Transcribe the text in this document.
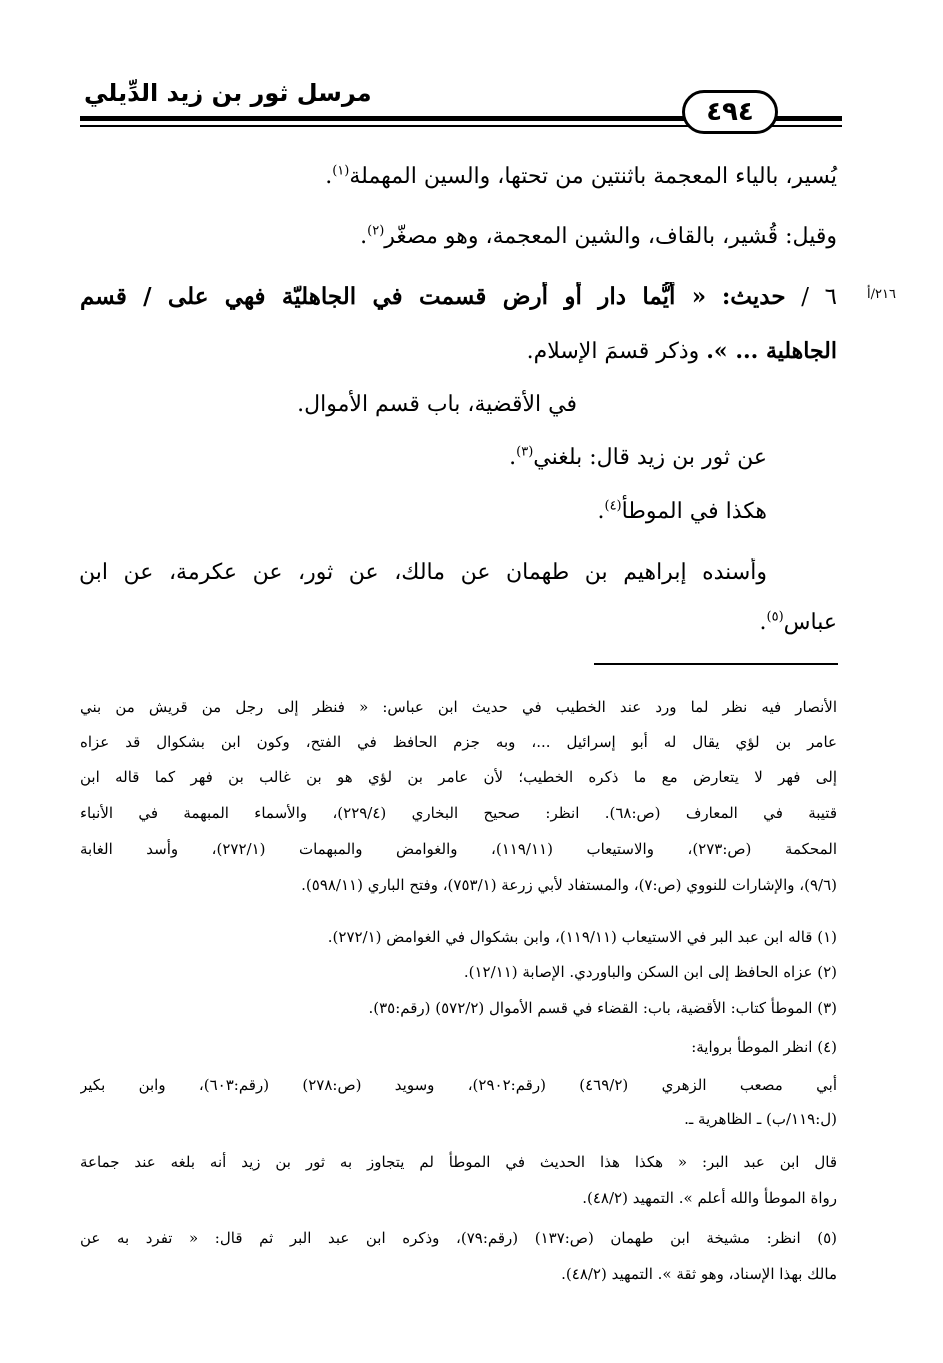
مرسل ثور بن زيد الدِّيلي
٤٩٤
يُسير، بالياء المعجمة باثنتين من تحتها، والسين المهملة$^{(١)}$.
وقيل: قُشير، بالقاف، والشين المعجمة، وهو مصغّر$^{(٢)}$.
٢١٦/أ
٦ / حديث: « أيُّما دار أو أرض قسمت في الجاهليّة فهي على / قسم
الجاهلية ... ». وذكر قسمَ الإسلام.
في الأقضية، باب قسم الأموال.
عن ثور بن زيد قال: بلغني$^{(٣)}$.
هكذا في الموطأ$^{(٤)}$.
وأسنده إبراهيم بن طهمان عن مالك، عن ثور، عن عكرمة، عن ابن
عباس$^{(٥)}$.
الأنصار فيه نظر لما ورد عند الخطيب في حديث ابن عباس: « فنظر إلى رجل من قريش من بني
عامر بن لؤي يقال له أبو إسرائيل ...، وبه جزم الحافظ في الفتح، وكون ابن بشكوال قد عزاه
إلى فهر لا يتعارض مع ما ذكره الخطيب؛ لأن عامر بن لؤي هو بن غالب بن فهر كما قاله ابن
قتيبة في المعارف (ص:٦٨). انظر: صحيح البخاري (٢٢٩/٤)، والأسماء المبهمة في الأنباء
المحكمة (ص:٢٧٣)، والاستيعاب (١١٩/١١)، والغوامض والمبهمات (٢٧٢/١)، وأسد الغابة
(٩/٦)، والإشارات للنووي (ص:٧)، والمستفاد لأبي زرعة (٧٥٣/١)، وفتح الباري (٥٩٨/١١).
(١) قاله ابن عبد البر في الاستيعاب (١١٩/١١)، وابن بشكوال في الغوامض (٢٧٢/١).
(٢) عزاه الحافظ إلى ابن السكن والباوردي. الإصابة (١٢/١١).
(٣) الموطأ كتاب: الأقضية، باب: القضاء في قسم الأموال (٥٧٢/٢) (رقم:٣٥).
(٤) انظر الموطأ برواية:
أبي مصعب الزهري (٤٦٩/٢) (رقم:٢٩٠٢)، وسويد (ص:٢٧٨) (رقم:٦٠٣)، وابن بكير
(ل:١١٩/ب) ـ الظاهرية ـ.
قال ابن عبد البر: « هكذا هذا الحديث في الموطأ لم يتجاوز به ثور بن زيد أنه بلغه عند جماعة
رواة الموطأ والله أعلم ». التمهيد (٤٨/٢).
(٥) انظر: مشيخة ابن طهمان (ص:١٣٧) (رقم:٧٩)، وذكره ابن عبد البر ثم قال: « تفرد به عن
مالك بهذا الإسناد، وهو ثقة ». التمهيد (٤٨/٢).
